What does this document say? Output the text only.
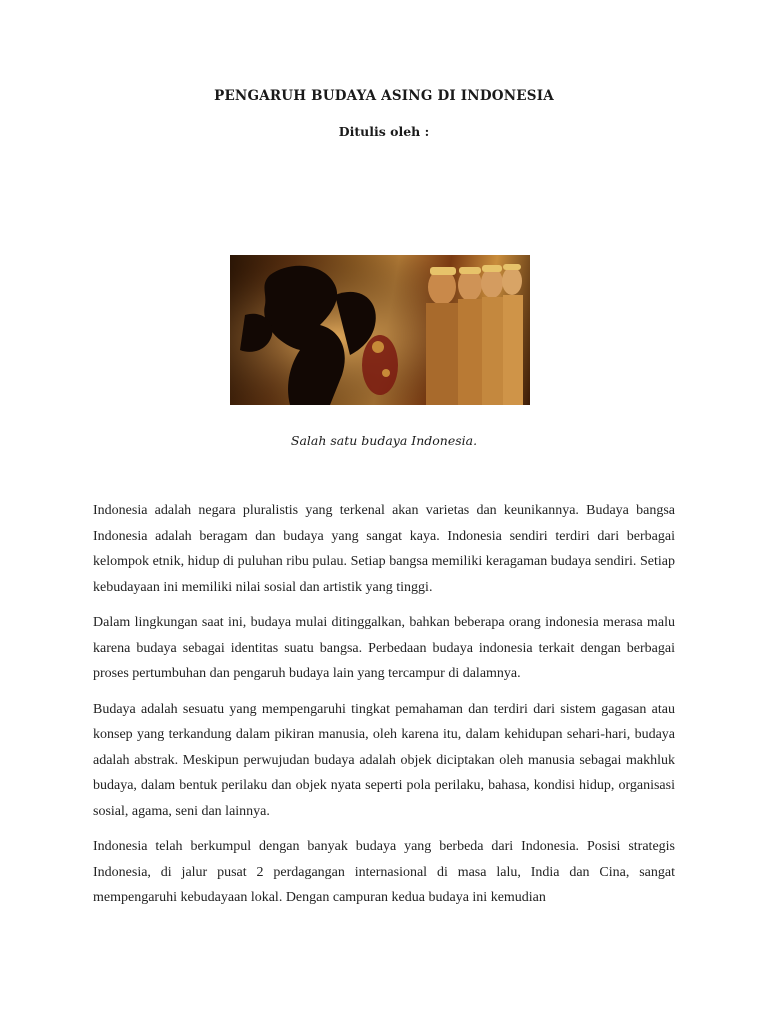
PENGARUH BUDAYA ASING DI INDONESIA
Ditulis oleh :
Salah satu budaya Indonesia.

Indonesia adalah negara pluralistis yang terkenal akan varietas dan keunikannya. Budaya bangsa Indonesia adalah beragam dan budaya yang sangat kaya. Indonesia sendiri terdiri dari berbagai kelompok etnik, hidup di puluhan ribu pulau. Setiap bangsa memiliki keragaman budaya sendiri. Setiap kebudayaan ini memiliki nilai sosial dan artistik yang tinggi.

Dalam lingkungan saat ini, budaya mulai ditinggalkan, bahkan beberapa orang indonesia merasa malu karena budaya sebagai identitas suatu bangsa. Perbedaan budaya indonesia terkait dengan berbagai proses pertumbuhan dan pengaruh budaya lain yang tercampur di dalamnya.

Budaya adalah sesuatu yang mempengaruhi tingkat pemahaman dan terdiri dari sistem gagasan atau konsep yang terkandung dalam pikiran manusia, oleh karena itu, dalam kehidupan sehari-hari, budaya adalah abstrak. Meskipun perwujudan budaya adalah objek diciptakan oleh manusia sebagai makhluk budaya, dalam bentuk perilaku dan objek nyata seperti pola perilaku, bahasa, kondisi hidup, organisasi sosial, agama, seni dan lainnya.

Indonesia telah berkumpul dengan banyak budaya yang berbeda dari Indonesia. Posisi strategis Indonesia, di jalur pusat 2 perdagangan internasional di masa lalu, India dan Cina, sangat mempengaruhi kebudayaan lokal. Dengan campuran kedua budaya ini kemudian
